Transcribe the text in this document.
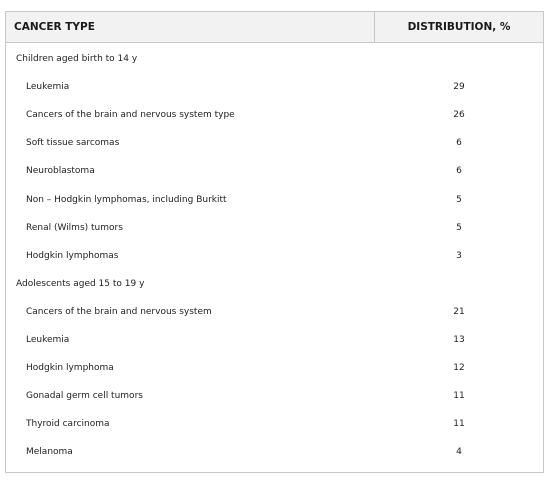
CANCER TYPE	DISTRIBUTION, %
Children aged birth to 14 y
Leukemia	29
Cancers of the brain and nervous system type	26
Soft tissue sarcomas	6
Neuroblastoma	6
Non – Hodgkin lymphomas, including Burkitt	5
Renal (Wilms) tumors	5
Hodgkin lymphomas	3
Adolescents aged 15 to 19 y
Cancers of the brain and nervous system	21
Leukemia	13
Hodgkin lymphoma	12
Gonadal germ cell tumors	11
Thyroid carcinoma	11
Melanoma	4
